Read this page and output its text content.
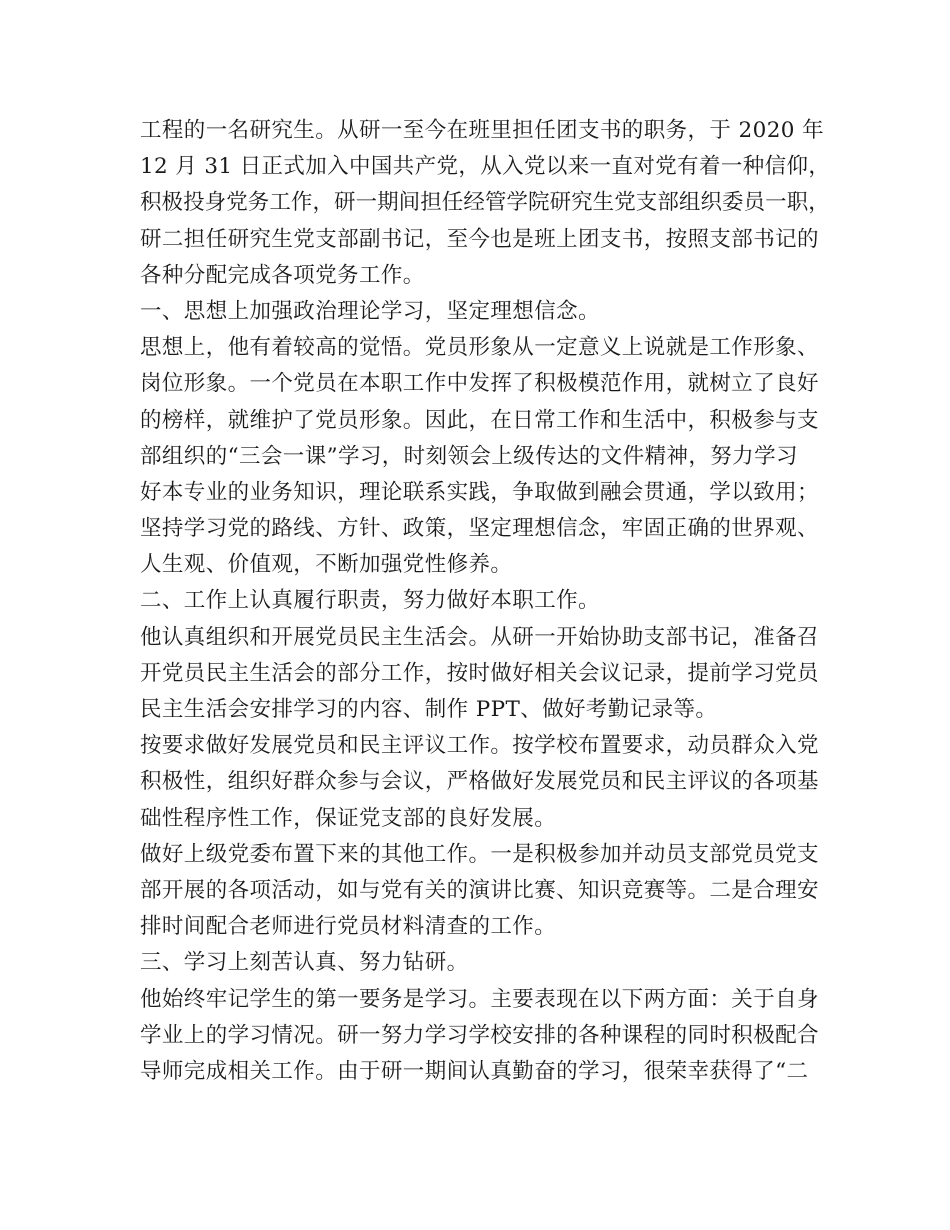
工程的一名研究生。从研一至今在班里担任团支书的职务，于 2020 年
12 月 31 日正式加入中国共产党，从入党以来一直对党有着一种信仰，
积极投身党务工作，研一期间担任经管学院研究生党支部组织委员一职，
研二担任研究生党支部副书记，至今也是班上团支书，按照支部书记的
各种分配完成各项党务工作。
一、思想上加强政治理论学习，坚定理想信念。
思想上，他有着较高的觉悟。党员形象从一定意义上说就是工作形象、
岗位形象。一个党员在本职工作中发挥了积极模范作用，就树立了良好
的榜样，就维护了党员形象。因此，在日常工作和生活中，积极参与支
部组织的“三会一课”学习，时刻领会上级传达的文件精神，努力学习
好本专业的业务知识，理论联系实践，争取做到融会贯通，学以致用；
坚持学习党的路线、方针、政策，坚定理想信念，牢固正确的世界观、
人生观、价值观，不断加强党性修养。
二、工作上认真履行职责，努力做好本职工作。
他认真组织和开展党员民主生活会。从研一开始协助支部书记，准备召
开党员民主生活会的部分工作，按时做好相关会议记录，提前学习党员
民主生活会安排学习的内容、制作 PPT、做好考勤记录等。
按要求做好发展党员和民主评议工作。按学校布置要求，动员群众入党
积极性，组织好群众参与会议，严格做好发展党员和民主评议的各项基
础性程序性工作，保证党支部的良好发展。
做好上级党委布置下来的其他工作。一是积极参加并动员支部党员党支
部开展的各项活动，如与党有关的演讲比赛、知识竞赛等。二是合理安
排时间配合老师进行党员材料清查的工作。
三、学习上刻苦认真、努力钻研。
他始终牢记学生的第一要务是学习。主要表现在以下两方面：关于自身
学业上的学习情况。研一努力学习学校安排的各种课程的同时积极配合
导师完成相关工作。由于研一期间认真勤奋的学习，很荣幸获得了“二
